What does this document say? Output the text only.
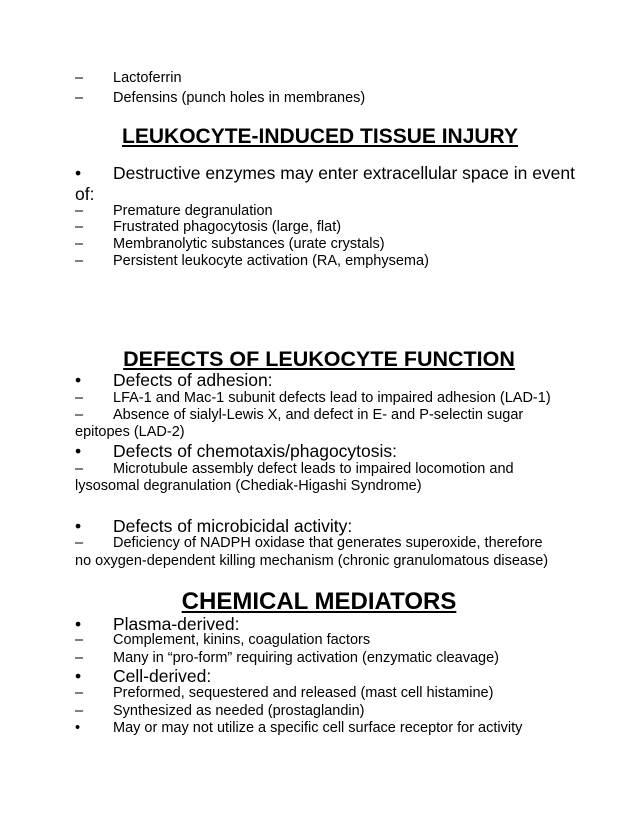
– Lactoferrin
– Defensins (punch holes in membranes)
LEUKOCYTE-INDUCED TISSUE INJURY
• Destructive enzymes may enter extracellular space in event
of:
– Premature degranulation
– Frustrated phagocytosis (large, flat)
– Membranolytic substances (urate crystals)
– Persistent leukocyte activation (RA, emphysema)
DEFECTS OF LEUKOCYTE FUNCTION
• Defects of adhesion:
– LFA-1 and Mac-1 subunit defects lead to impaired adhesion (LAD-1)
– Absence of sialyl-Lewis X, and defect in E- and P-selectin sugar
epitopes (LAD-2)
• Defects of chemotaxis/phagocytosis:
– Microtubule assembly defect leads to impaired locomotion and
lysosomal degranulation (Chediak-Higashi Syndrome)
• Defects of microbicidal activity:
– Deficiency of NADPH oxidase that generates superoxide, therefore
no oxygen-dependent killing mechanism (chronic granulomatous disease)
CHEMICAL MEDIATORS
• Plasma-derived:
– Complement, kinins, coagulation factors
– Many in “pro-form” requiring activation (enzymatic cleavage)
• Cell-derived:
– Preformed, sequestered and released (mast cell histamine)
– Synthesized as needed (prostaglandin)
• May or may not utilize a specific cell surface receptor for activity
